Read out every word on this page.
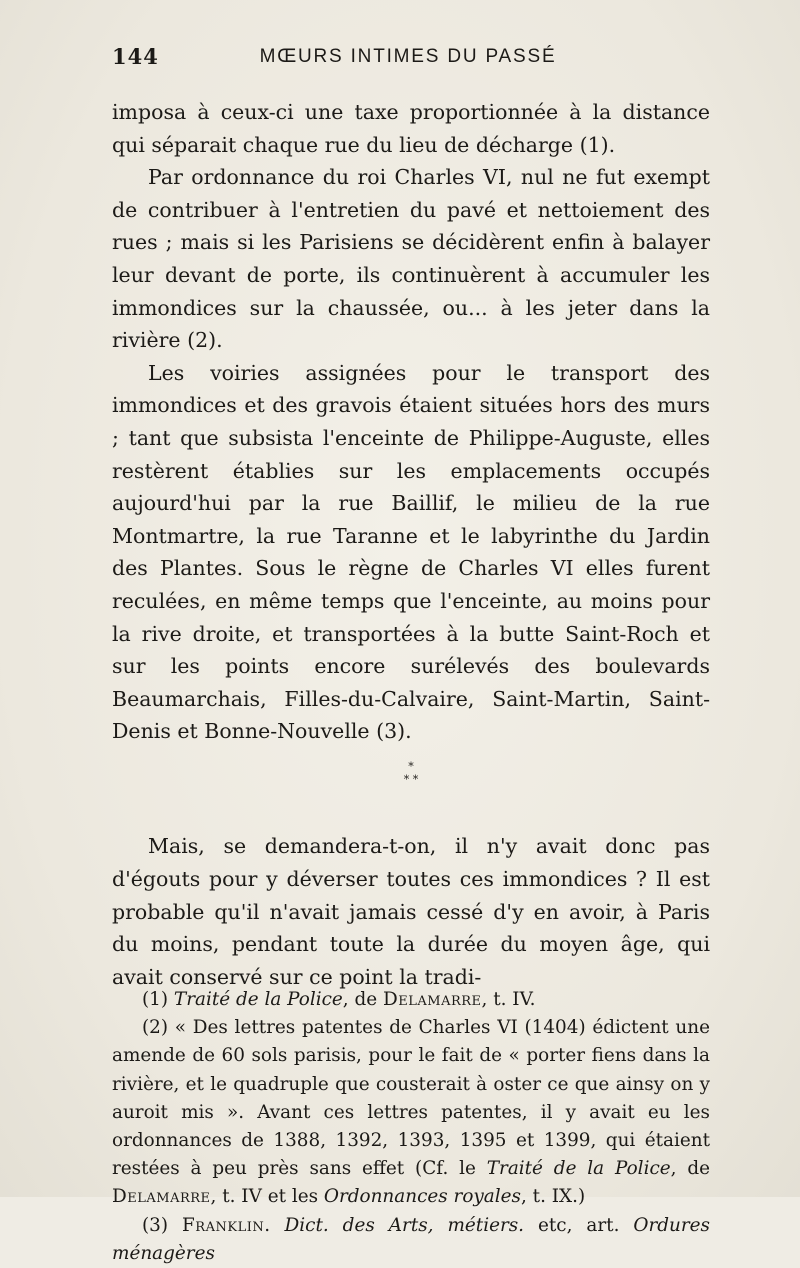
144	MŒURS INTIMES DU PASSÉ

imposa à ceux-ci une taxe proportionnée à la distance qui séparait chaque rue du lieu de décharge (1).

Par ordonnance du roi Charles VI, nul ne fut exempt de contribuer à l'entretien du pavé et nettoiement des rues ; mais si les Parisiens se décidèrent enfin à balayer leur devant de porte, ils continuèrent à accumuler les immondices sur la chaussée, ou... à les jeter dans la rivière (2).

Les voiries assignées pour le transport des immondices et des gravois étaient situées hors des murs ; tant que subsista l'enceinte de Philippe-Auguste, elles restèrent établies sur les emplacements occupés aujourd'hui par la rue Baillif, le milieu de la rue Montmartre, la rue Taranne et le labyrinthe du Jardin des Plantes. Sous le règne de Charles VI elles furent reculées, en même temps que l'enceinte, au moins pour la rive droite, et transportées à la butte Saint-Roch et sur les points encore surélevés des boulevards Beaumarchais, Filles-du-Calvaire, Saint-Martin, Saint-Denis et Bonne-Nouvelle (3).

*
* *

Mais, se demandera-t-on, il n'y avait donc pas d'égouts pour y déverser toutes ces immondices ? Il est probable qu'il n'avait jamais cessé d'y en avoir, à Paris du moins, pendant toute la durée du moyen âge, qui avait conservé sur ce point la tradi-

(1) Traité de la Police, de Delamarre, t. IV.

(2) « Des lettres patentes de Charles VI (1404) édictent une amende de 60 sols parisis, pour le fait de « porter fiens dans la rivière, et le quadruple que cousterait à oster ce que ainsy on y auroit mis ». Avant ces lettres patentes, il y avait eu les ordonnances de 1388, 1392, 1393, 1395 et 1399, qui étaient restées à peu près sans effet (Cf. le Traité de la Police, de Delamarre, t. IV et les Ordonnances royales, t. IX.)

(3) Franklin. Dict. des Arts, métiers. etc, art. Ordures ménagères
